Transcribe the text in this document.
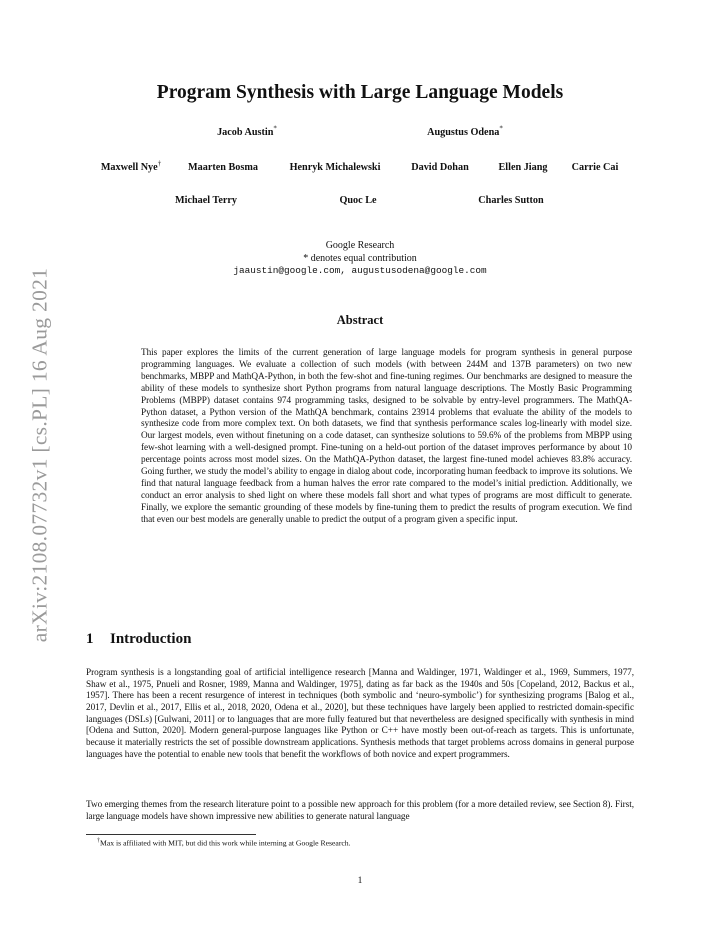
arXiv:2108.07732v1 [cs.PL] 16 Aug 2021
Program Synthesis with Large Language Models
Jacob Austin*	Augustus Odena*
Maxwell Nye†	Maarten Bosma	Henryk Michalewski	David Dohan	Ellen Jiang Carrie Cai
Michael Terry	Quoc Le	Charles Sutton
Google Research
* denotes equal contribution
jaaustin@google.com, augustusodena@google.com
Abstract
This paper explores the limits of the current generation of large language models for program synthesis in general purpose programming languages. We evaluate a collection of such models (with between 244M and 137B parameters) on two new benchmarks, MBPP and MathQA-Python, in both the few-shot and fine-tuning regimes. Our benchmarks are designed to measure the ability of these models to synthesize short Python programs from natural language descriptions. The Mostly Basic Programming Problems (MBPP) dataset contains 974 programming tasks, designed to be solvable by entry-level programmers. The MathQA-Python dataset, a Python version of the MathQA benchmark, contains 23914 problems that evaluate the ability of the models to synthesize code from more complex text. On both datasets, we find that synthesis performance scales log-linearly with model size. Our largest models, even without finetuning on a code dataset, can synthesize solutions to 59.6% of the problems from MBPP using few-shot learning with a well-designed prompt. Fine-tuning on a held-out portion of the dataset improves performance by about 10 percentage points across most model sizes. On the MathQA-Python dataset, the largest fine-tuned model achieves 83.8% accuracy. Going further, we study the model’s ability to engage in dialog about code, incorporating human feedback to improve its solutions. We find that natural language feedback from a human halves the error rate compared to the model’s initial prediction. Additionally, we conduct an error analysis to shed light on where these models fall short and what types of programs are most difficult to generate. Finally, we explore the semantic grounding of these models by fine-tuning them to predict the results of program execution. We find that even our best models are generally unable to predict the output of a program given a specific input.
1 Introduction
Program synthesis is a longstanding goal of artificial intelligence research [Manna and Waldinger, 1971, Waldinger et al., 1969, Summers, 1977, Shaw et al., 1975, Pnueli and Rosner, 1989, Manna and Waldinger, 1975], dating as far back as the 1940s and 50s [Copeland, 2012, Backus et al., 1957]. There has been a recent resurgence of interest in techniques (both symbolic and ‘neuro-symbolic’) for synthesizing programs [Balog et al., 2017, Devlin et al., 2017, Ellis et al., 2018, 2020, Odena et al., 2020], but these techniques have largely been applied to restricted domain-specific languages (DSLs) [Gulwani, 2011] or to languages that are more fully featured but that nevertheless are designed specifically with synthesis in mind [Odena and Sutton, 2020]. Modern general-purpose languages like Python or C++ have mostly been out-of-reach as targets. This is unfortunate, because it materially restricts the set of possible downstream applications. Synthesis methods that target problems across domains in general purpose languages have the potential to enable new tools that benefit the workflows of both novice and expert programmers.
Two emerging themes from the research literature point to a possible new approach for this problem (for a more detailed review, see Section 8). First, large language models have shown impressive new abilities to generate natural language
†Max is affiliated with MIT, but did this work while interning at Google Research.
1
